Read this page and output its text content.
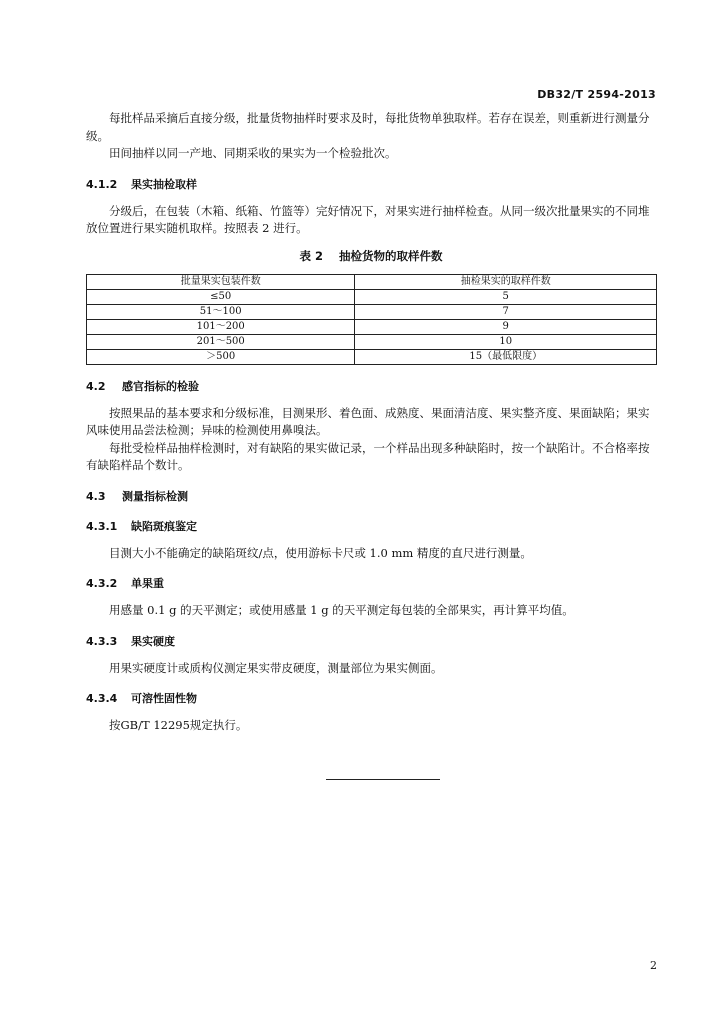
DB32/T 2594-2013

每批样品采摘后直接分级，批量货物抽样时要求及时，每批货物单独取样。若存在误差，则重新进行测量分级。

田间抽样以同一产地、同期采收的果实为一个检验批次。

4.1.2 果实抽检取样

分级后，在包装（木箱、纸箱、竹篮等）完好情况下，对果实进行抽样检查。从同一级次批量果实的不同堆放位置进行果实随机取样。按照表 2 进行。

表 2 抽检货物的取样件数
批量果实包装件数	抽检果实的取样件数
≤50	5
51～100	7
101～200	9
201～500	10
＞500	15（最低限度）
4.2 感官指标的检验

按照果品的基本要求和分级标准，目测果形、着色面、成熟度、果面清洁度、果实整齐度、果面缺陷；果实风味使用品尝法检测；异味的检测使用鼻嗅法。

每批受检样品抽样检测时，对有缺陷的果实做记录，一个样品出现多种缺陷时，按一个缺陷计。不合格率按有缺陷样品个数计。

4.3 测量指标检测
4.3.1 缺陷斑痕鉴定

目测大小不能确定的缺陷斑纹/点，使用游标卡尺或 1.0 mm 精度的直尺进行测量。

4.3.2 单果重

用感量 0.1 g 的天平测定；或使用感量 1 g 的天平测定每包装的全部果实，再计算平均值。

4.3.3 果实硬度

用果实硬度计或质构仪测定果实带皮硬度，测量部位为果实侧面。

4.3.4 可溶性固性物

按GB/T 12295规定执行。

2
